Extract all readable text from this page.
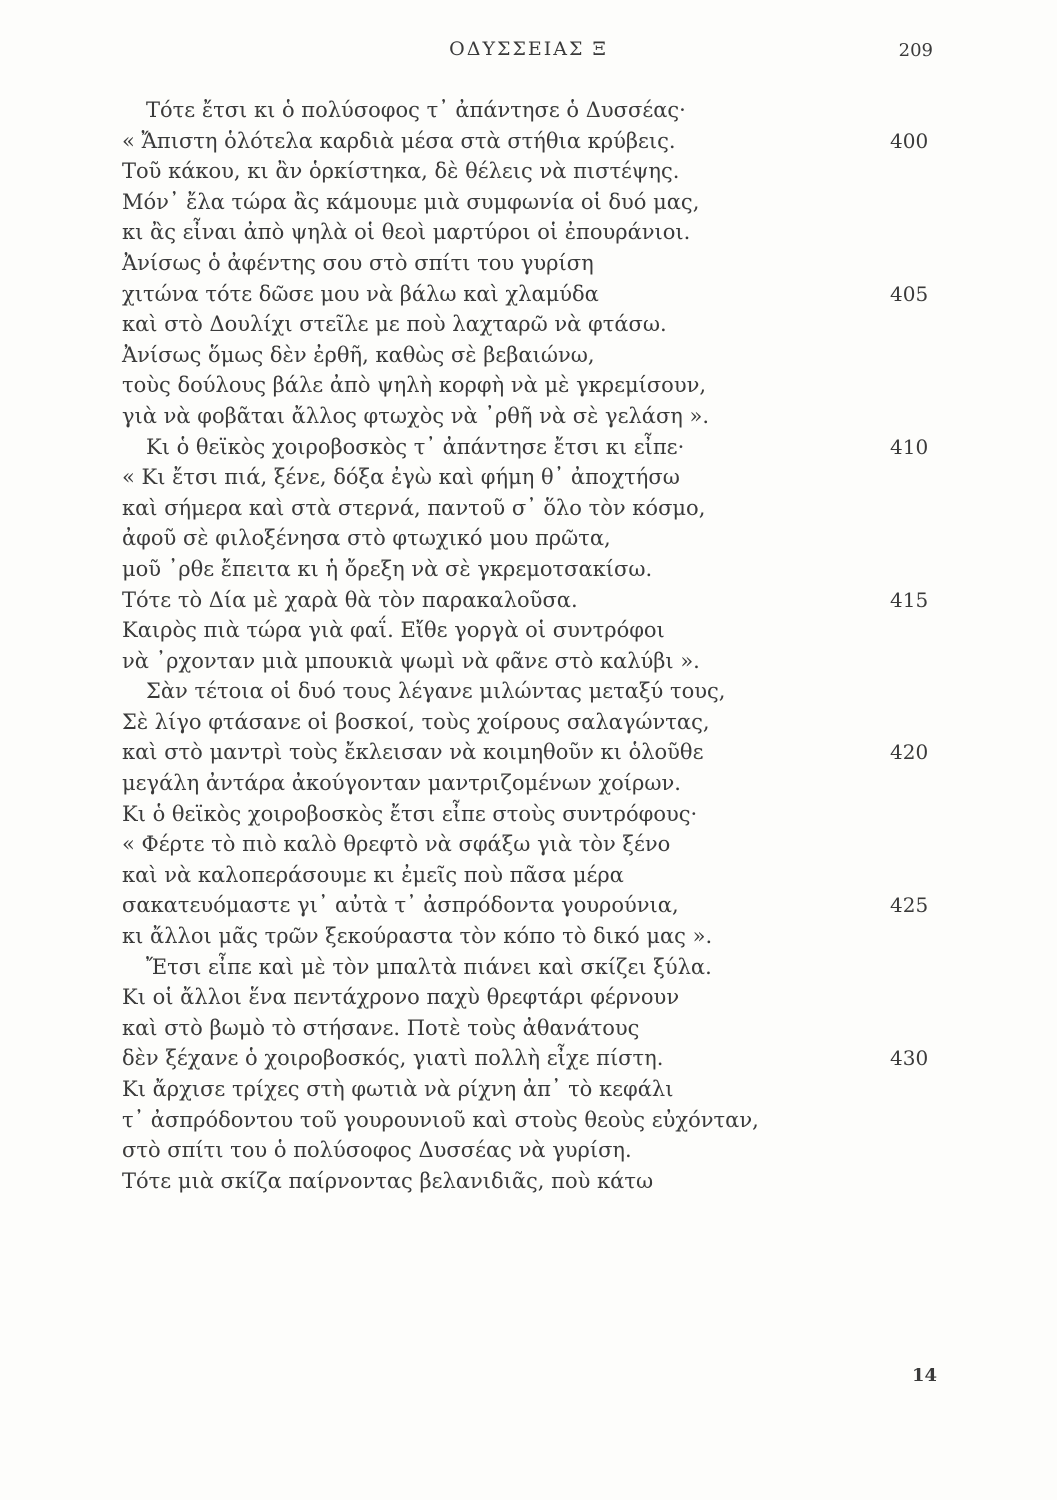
ΟΔΥΣΣΕΙΑΣ Ξ	209
Τότε ἔτσι κι ὁ πολύσοφος τ᾽ ἀπάντησε ὁ Δυσσέας·
« Ἄπιστη ὁλότελα καρδιὰ μέσα στὰ στήθια κρύβεις.	400
Τοῦ κάκου, κι ἂν ὁρκίστηκα, δὲ θέλεις νὰ πιστέψης.
Μόν᾽ ἔλα τώρα ἂς κάμουμε μιὰ συμφωνία οἱ δυό μας,
κι ἂς εἶναι ἀπὸ ψηλὰ οἱ θεοὶ μαρτύροι οἱ ἐπουράνιοι.
Ἀνίσως ὁ ἀφέντης σου στὸ σπίτι του γυρίση
χιτώνα τότε δῶσε μου νὰ βάλω καὶ χλαμύδα	405
καὶ στὸ Δουλίχι στεῖλε με ποὺ λαχταρῶ νὰ φτάσω.
Ἀνίσως ὅμως δὲν ἐρθῆ, καθὼς σὲ βεβαιώνω,
τοὺς δούλους βάλε ἀπὸ ψηλὴ κορφὴ νὰ μὲ γκρεμίσουν,
γιὰ νὰ φοβᾶται ἄλλος φτωχὸς νὰ ᾽ρθῆ νὰ σὲ γελάση ».
Κι ὁ θεϊκὸς χοιροβοσκὸς τ᾽ ἀπάντησε ἔτσι κι εἶπε·	410
« Κι ἔτσι πιά, ξένε, δόξα ἐγὼ καὶ φήμη θ᾽ ἀποχτήσω
καὶ σήμερα καὶ στὰ στερνά, παντοῦ σ᾽ ὅλο τὸν κόσμο,
ἀφοῦ σὲ φιλοξένησα στὸ φτωχικό μου πρῶτα,
μοῦ ᾽ρθε ἔπειτα κι ἡ ὄρεξη νὰ σὲ γκρεμοτσακίσω.
Τότε τὸ Δία μὲ χαρὰ θὰ τὸν παρακαλοῦσα.	415
Καιρὸς πιὰ τώρα γιὰ φαΐ. Εἴθε γοργὰ οἱ συντρόφοι
νὰ ᾽ρχονταν μιὰ μπουκιὰ ψωμὶ νὰ φᾶνε στὸ καλύβι ».
Σὰν τέτοια οἱ δυό τους λέγανε μιλώντας μεταξύ τους,
Σὲ λίγο φτάσανε οἱ βοσκοί, τοὺς χοίρους σαλαγώντας,
καὶ στὸ μαντρὶ τοὺς ἔκλεισαν νὰ κοιμηθοῦν κι ὁλοῦθε	420
μεγάλη ἀντάρα ἀκούγονταν μαντριζομένων χοίρων.
Κι ὁ θεϊκὸς χοιροβοσκὸς ἔτσι εἶπε στοὺς συντρόφους·
« Φέρτε τὸ πιὸ καλὸ θρεφτὸ νὰ σφάξω γιὰ τὸν ξένο
καὶ νὰ καλοπεράσουμε κι ἐμεῖς ποὺ πᾶσα μέρα
σακατευόμαστε γι᾽ αὐτὰ τ᾽ ἀσπρόδοντα γουρούνια,	425
κι ἄλλοι μᾶς τρῶν ξεκούραστα τὸν κόπο τὸ δικό μας ».
Ἔτσι εἶπε καὶ μὲ τὸν μπαλτὰ πιάνει καὶ σκίζει ξύλα.
Κι οἱ ἄλλοι ἕνα πεντάχρονο παχὺ θρεφτάρι φέρνουν
καὶ στὸ βωμὸ τὸ στήσανε. Ποτὲ τοὺς ἀθανάτους
δὲν ξέχανε ὁ χοιροβοσκός, γιατὶ πολλὴ εἶχε πίστη.	430
Κι ἄρχισε τρίχες στὴ φωτιὰ νὰ ρίχνη ἀπ᾽ τὸ κεφάλι
τ᾽ ἀσπρόδοντου τοῦ γουρουνιοῦ καὶ στοὺς θεοὺς εὐχόνταν,
στὸ σπίτι του ὁ πολύσοφος Δυσσέας νὰ γυρίση.
Τότε μιὰ σκίζα παίρνοντας βελανιδιᾶς, ποὺ κάτω
14
